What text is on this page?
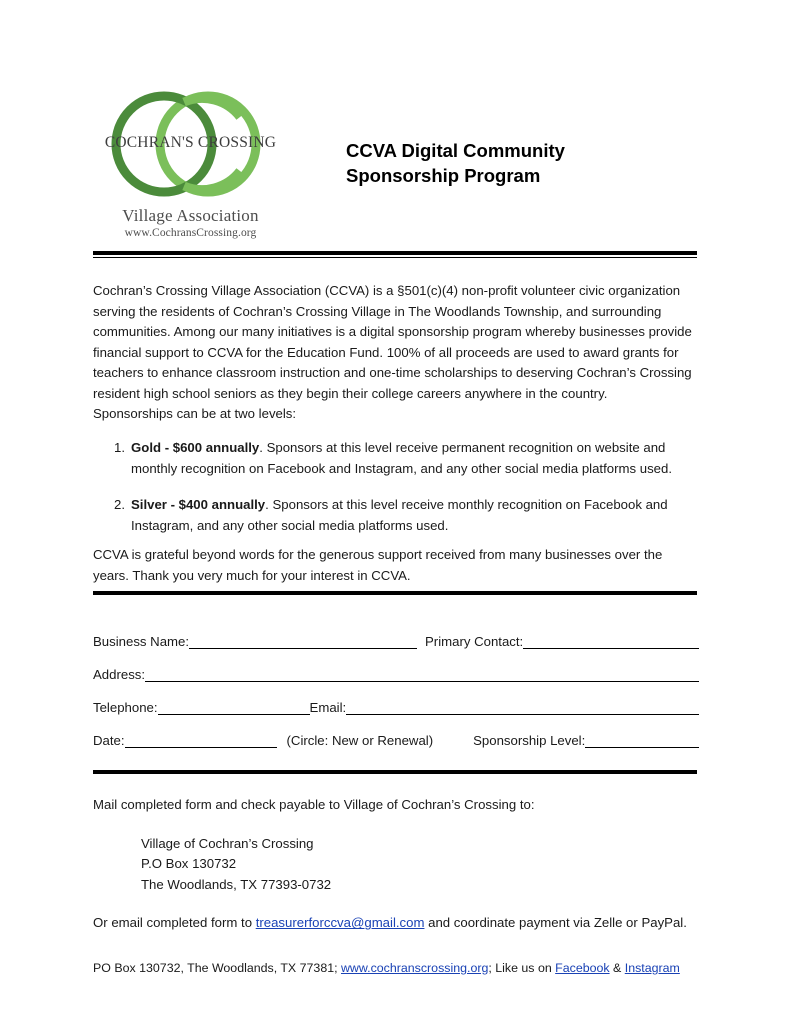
COCHRAN'S CROSSING
Village Association
www.CochransCrossing.org
CCVA Digital Community
Sponsorship Program
Cochran’s Crossing Village Association (CCVA) is a §501(c)(4) non-profit volunteer civic organization serving the residents of Cochran’s Crossing Village in The Woodlands Township, and surrounding communities. Among our many initiatives is a digital sponsorship program whereby businesses provide financial support to CCVA for the Education Fund. 100% of all proceeds are used to award grants for teachers to enhance classroom instruction and one-time scholarships to deserving Cochran’s Crossing resident high school seniors as they begin their college careers anywhere in the country.
Sponsorships can be at two levels:
1. Gold - $600 annually. Sponsors at this level receive permanent recognition on website and monthly recognition on Facebook and Instagram, and any other social media platforms used.
2. Silver - $400 annually. Sponsors at this level receive monthly recognition on Facebook and Instagram, and any other social media platforms used.
CCVA is grateful beyond words for the generous support received from many businesses over the years. Thank you very much for your interest in CCVA.
Business Name:	Primary Contact:
Address:
Telephone:	Email:
Date:	(Circle: New or Renewal)	Sponsorship Level:
Mail completed form and check payable to Village of Cochran’s Crossing to:
Village of Cochran’s Crossing
P.O Box 130732
The Woodlands, TX 77393-0732
Or email completed form to treasurerforccva@gmail.com and coordinate payment via Zelle or PayPal.
PO Box 130732, The Woodlands, TX 77381; www.cochranscrossing.org; Like us on Facebook & Instagram
